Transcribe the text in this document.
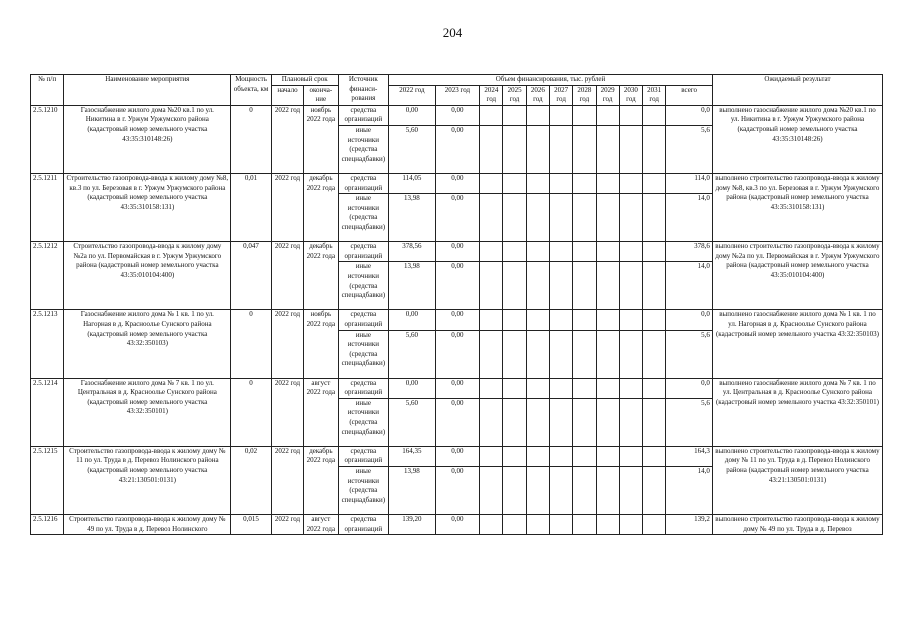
204
№ п/п	Наименование мероприятия	Мощность объекта, км	Плановый срок		Источник финанси-рования	Объем финансирования, тыс. рублей											Ожидаемый результат
			начало	оконча-ние		2022 год	2023 год	2024 год	2025 год	2026 год	2027 год	2028 год	2029 год	2030 год	2031 год	всего	
2.5.1210	Газоснабжение жилого дома №20 кв.1 по ул. Никитина в г. Уржум Уржумского района (кадастровый номер земельного участка 43:35:310148:26)	0	2022 год	ноябрь 2022 года	средства организаций	0,00	0,00									0,0	выполнено газоснабжение жилого дома №20 кв.1 по ул. Никитина в г. Уржум Уржумского района (кадастровый номер земельного участка 43:35:310148:26)
					иные источники (средства спецнадбавки)	5,60	0,00									5,6	
2.5.1211	Строительство газопровода-ввода к жилому дому №8, кв.3 по ул. Березовая в г. Уржум Уржумского района (кадастровый номер земельного участка 43:35:310158:131)	0,01	2022 год	декабрь 2022 года	средства организаций	114,05	0,00									114,0	выполнено строительство газопровода-ввода к жилому дому №8, кв.3 по ул. Березовая в г. Уржум Уржумского района (кадастровый номер земельного участка 43:35:310158:131)
					иные источники (средства спецнадбавки)	13,98	0,00									14,0	
2.5.1212	Строительство газопровода-ввода к жилому дому №2а по ул. Первомайская в г. Уржум Уржумского района (кадастровый номер земельного участка 43:35:010104:400)	0,047	2022 год	декабрь 2022 года	средства организаций	378,56	0,00									378,6	выполнено строительство газопровода-ввода к жилому дому №2а по ул. Первомайская в г. Уржум Уржумского района (кадастровый номер земельного участка 43:35:010104:400)
					иные источники (средства спецнадбавки)	13,98	0,00									14,0	
2.5.1213	Газоснабжение жилого дома № 1 кв. 1 по ул. Нагорная в д. Красноолье Сунского района (кадастровый номер земельного участка 43:32:350103)	0	2022 год	ноябрь 2022 года	средства организаций	0,00	0,00									0,0	выполнено газоснабжение жилого дома № 1 кв. 1 по ул. Нагорная в д. Красноолье Сунского района (кадастровый номер земельного участка 43:32:350103)
					иные источники (средства спецнадбавки)	5,60	0,00									5,6	
2.5.1214	Газоснабжение жилого дома № 7 кв. 1 по ул. Центральная в д. Красноолье Сунского района (кадастровый номер земельного участка 43:32:350101)	0	2022 год	август 2022 года	средства организаций	0,00	0,00									0,0	выполнено газоснабжение жилого дома № 7 кв. 1 по ул. Центральная в д. Красноолье Сунского района (кадастровый номер земельного участка 43:32:350101)
					иные источники (средства спецнадбавки)	5,60	0,00									5,6	
2.5.1215	Строительство газопровода-ввода к жилому дому № 11 по ул. Труда в д. Перевоз Нолинского района (кадастровый номер земельного участка 43:21:130501:0131)	0,02	2022 год	декабрь 2022 года	средства организаций	164,35	0,00									164,3	выполнено строительство газопровода-ввода к жилому дому № 11 по ул. Труда в д. Перевоз Нолинского района (кадастровый номер земельного участка 43:21:130501:0131)
					иные источники (средства спецнадбавки)	13,98	0,00									14,0	
2.5.1216	Строительство газопровода-ввода к жилому дому № 49 по ул. Труда в д. Перевоз Нолинского	0,015	2022 год	август 2022 года	средства организаций	139,20	0,00									139,2	выполнено строительство газопровода-ввода к жилому дому № 49 по ул. Труда в д. Перевоз
